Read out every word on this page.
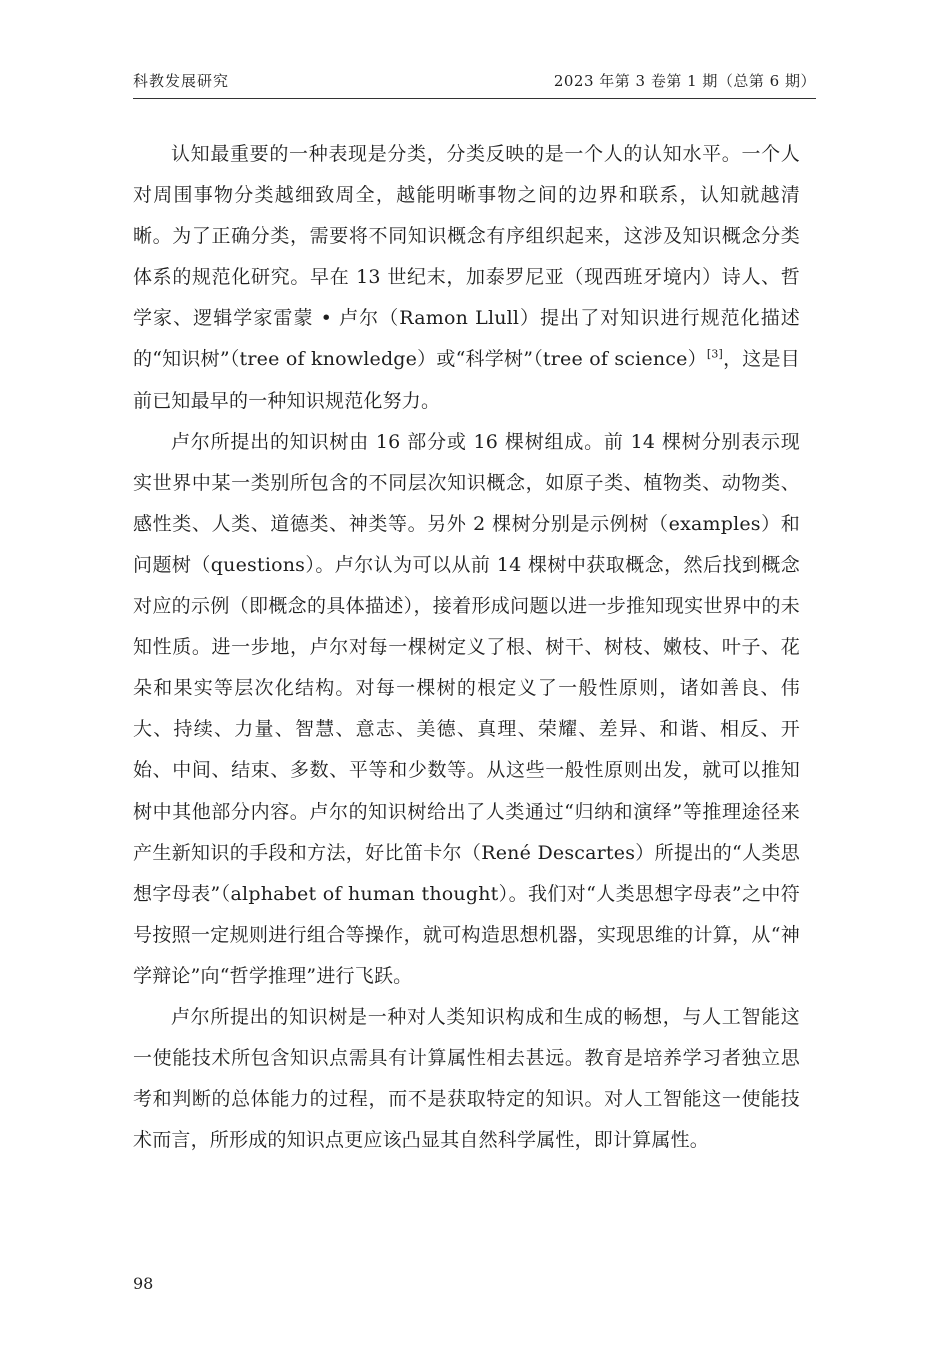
科教发展研究	2023 年第 3 卷第 1 期（总第 6 期）

认知最重要的一种表现是分类，分类反映的是一个人的认知水平。一个人对周围事物分类越细致周全，越能明晰事物之间的边界和联系，认知就越清晰。为了正确分类，需要将不同知识概念有序组织起来，这涉及知识概念分类体系的规范化研究。早在 13 世纪末，加泰罗尼亚（现西班牙境内）诗人、哲学家、逻辑学家雷蒙 • 卢尔（Ramon Llull）提出了对知识进行规范化描述的“知识树”（tree of knowledge）或“科学树”（tree of science）[3]，这是目前已知最早的一种知识规范化努力。

卢尔所提出的知识树由 16 部分或 16 棵树组成。前 14 棵树分别表示现实世界中某一类别所包含的不同层次知识概念，如原子类、植物类、动物类、感性类、人类、道德类、神类等。另外 2 棵树分别是示例树（examples）和问题树（questions）。卢尔认为可以从前 14 棵树中获取概念，然后找到概念对应的示例（即概念的具体描述），接着形成问题以进一步推知现实世界中的未知性质。进一步地，卢尔对每一棵树定义了根、树干、树枝、嫩枝、叶子、花朵和果实等层次化结构。对每一棵树的根定义了一般性原则，诸如善良、伟大、持续、力量、智慧、意志、美德、真理、荣耀、差异、和谐、相反、开始、中间、结束、多数、平等和少数等。从这些一般性原则出发，就可以推知树中其他部分内容。卢尔的知识树给出了人类通过“归纳和演绎”等推理途径来产生新知识的手段和方法，好比笛卡尔（René Descartes）所提出的“人类思想字母表”（alphabet of human thought）。我们对“人类思想字母表”之中符号按照一定规则进行组合等操作，就可构造思想机器，实现思维的计算，从“神学辩论”向“哲学推理”进行飞跃。

卢尔所提出的知识树是一种对人类知识构成和生成的畅想，与人工智能这一使能技术所包含知识点需具有计算属性相去甚远。教育是培养学习者独立思考和判断的总体能力的过程，而不是获取特定的知识。对人工智能这一使能技术而言，所形成的知识点更应该凸显其自然科学属性，即计算属性。

98
